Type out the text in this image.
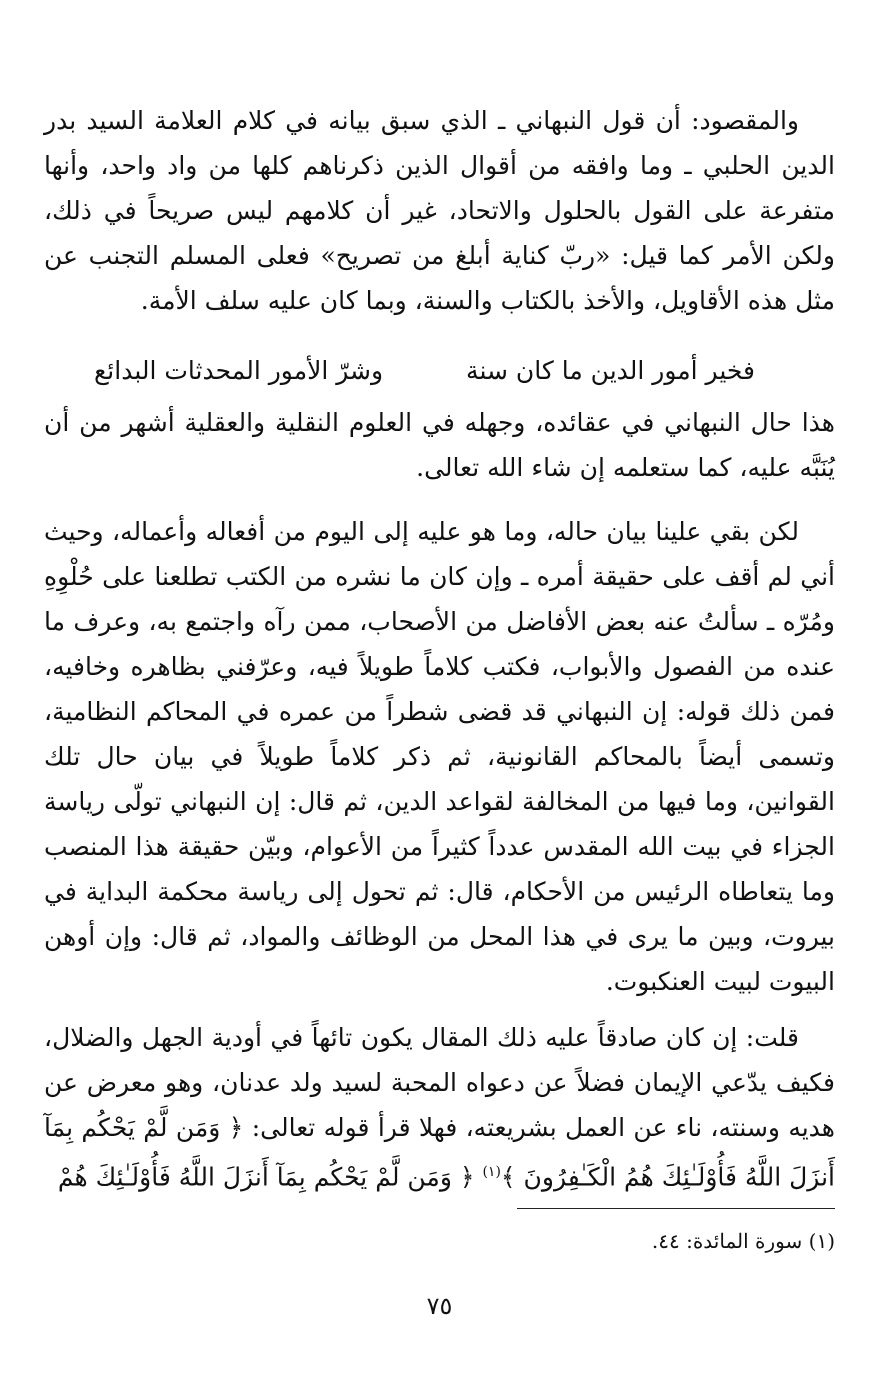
والمقصود: أن قول النبهاني ـ الذي سبق بيانه في كلام العلامة السيد بدر الدين الحلبي ـ وما وافقه من أقوال الذين ذكرناهم كلها من واد واحد، وأنها متفرعة على القول بالحلول والاتحاد، غير أن كلامهم ليس صريحاً في ذلك، ولكن الأمر كما قيل: «ربّ كناية أبلغ من تصريح» فعلى المسلم التجنب عن مثل هذه الأقاويل، والأخذ بالكتاب والسنة، وبما كان عليه سلف الأمة.

فخير أمور الدين ما كان سنة
وشرّ الأمور المحدثات البدائع

هذا حال النبهاني في عقائده، وجهله في العلوم النقلية والعقلية أشهر من أن يُنَبَّه عليه، كما ستعلمه إن شاء الله تعالى.

لكن بقي علينا بيان حاله، وما هو عليه إلى اليوم من أفعاله وأعماله، وحيث أني لم أقف على حقيقة أمره ـ وإن كان ما نشره من الكتب تطلعنا على حُلْوِهِ ومُرّه ـ سألتُ عنه بعض الأفاضل من الأصحاب، ممن رآه واجتمع به، وعرف ما عنده من الفصول والأبواب، فكتب كلاماً طويلاً فيه، وعرّفني بظاهره وخافيه، فمن ذلك قوله: إن النبهاني قد قضى شطراً من عمره في المحاكم النظامية، وتسمى أيضاً بالمحاكم القانونية، ثم ذكر كلاماً طويلاً في بيان حال تلك القوانين، وما فيها من المخالفة لقواعد الدين، ثم قال: إن النبهاني تولّى رياسة الجزاء في بيت الله المقدس عدداً كثيراً من الأعوام، وبيّن حقيقة هذا المنصب وما يتعاطاه الرئيس من الأحكام، قال: ثم تحول إلى رياسة محكمة البداية في بيروت، وبين ما يرى في هذا المحل من الوظائف والمواد، ثم قال: وإن أوهن البيوت لبيت العنكبوت.

قلت: إن كان صادقاً عليه ذلك المقال يكون تائهاً في أودية الجهل والضلال، فكيف يدّعي الإيمان فضلاً عن دعواه المحبة لسيد ولد عدنان، وهو معرض عن هديه وسنته، ناء عن العمل بشريعته، فهلا قرأ قوله تعالى: ﴿ وَمَن لَّمْ يَحْكُم بِمَآ أَنزَلَ اللَّهُ فَأُوْلَـٰئِكَ هُمُ الْكَـٰفِرُونَ ﴾$^{(١)}$ ﴿ وَمَن لَّمْ يَحْكُم بِمَآ أَنزَلَ اللَّهُ فَأُوْلَـٰئِكَ هُمْ

(١) سورة المائدة: ٤٤.
٧٥
